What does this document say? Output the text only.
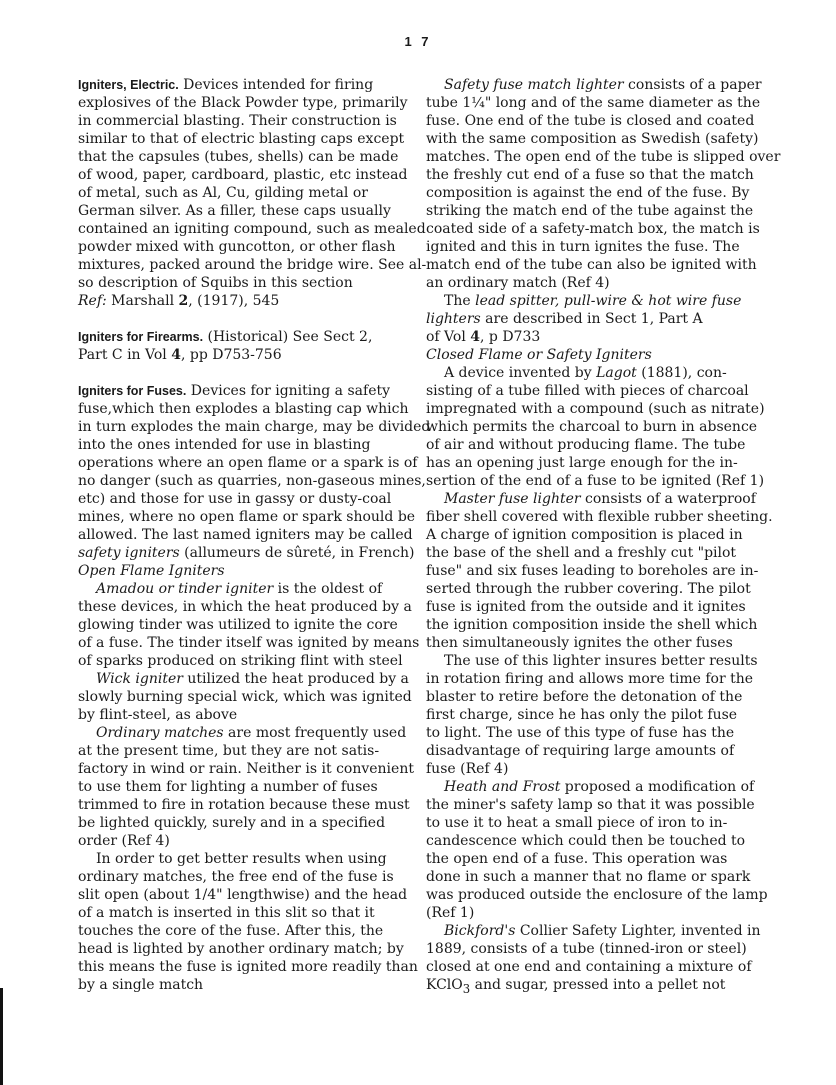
1 7
Igniters, Electric. Devices intended for firing
explosives of the Black Powder type, primarily
in commercial blasting. Their construction is
similar to that of electric blasting caps except
that the capsules (tubes, shells) can be made
of wood, paper, cardboard, plastic, etc instead
of metal, such as Al, Cu, gilding metal or
German silver. As a filler, these caps usually
contained an igniting compound, such as mealed
powder mixed with guncotton, or other flash
mixtures, packed around the bridge wire. See al-
so description of Squibs in this section
Ref: Marshall 2, (1917), 545
Igniters for Firearms. (Historical) See Sect 2,
Part C in Vol 4, pp D753-756
Igniters for Fuses. Devices for igniting a safety
fuse,which then explodes a blasting cap which
in turn explodes the main charge, may be divided
into the ones intended for use in blasting
operations where an open flame or a spark is of
no danger (such as quarries, non-gaseous mines,
etc) and those for use in gassy or dusty-coal
mines, where no open flame or spark should be
allowed. The last named igniters may be called
safety igniters (allumeurs de sûreté, in French)
Open Flame Igniters
Amadou or tinder igniter is the oldest of
these devices, in which the heat produced by a
glowing tinder was utilized to ignite the core
of a fuse. The tinder itself was ignited by means
of sparks produced on striking flint with steel
Wick igniter utilized the heat produced by a
slowly burning special wick, which was ignited
by flint-steel, as above
Ordinary matches are most frequently used
at the present time, but they are not satis-
factory in wind or rain. Neither is it convenient
to use them for lighting a number of fuses
trimmed to fire in rotation because these must
be lighted quickly, surely and in a specified
order (Ref 4)
In order to get better results when using
ordinary matches, the free end of the fuse is
slit open (about 1/4" lengthwise) and the head
of a match is inserted in this slit so that it
touches the core of the fuse. After this, the
head is lighted by another ordinary match; by
this means the fuse is ignited more readily than
by a single match
Safety fuse match lighter consists of a paper
tube 1¼" long and of the same diameter as the
fuse. One end of the tube is closed and coated
with the same composition as Swedish (safety)
matches. The open end of the tube is slipped over
the freshly cut end of a fuse so that the match
composition is against the end of the fuse. By
striking the match end of the tube against the
coated side of a safety-match box, the match is
ignited and this in turn ignites the fuse. The
match end of the tube can also be ignited with
an ordinary match (Ref 4)
The lead spitter, pull-wire & hot wire fuse
lighters are described in Sect 1, Part A
of Vol 4, p D733
Closed Flame or Safety Igniters
A device invented by Lagot (1881), con-
sisting of a tube filled with pieces of charcoal
impregnated with a compound (such as nitrate)
which permits the charcoal to burn in absence
of air and without producing flame. The tube
has an opening just large enough for the in-
sertion of the end of a fuse to be ignited (Ref 1)
Master fuse lighter consists of a waterproof
fiber shell covered with flexible rubber sheeting.
A charge of ignition composition is placed in
the base of the shell and a freshly cut "pilot
fuse" and six fuses leading to boreholes are in-
serted through the rubber covering. The pilot
fuse is ignited from the outside and it ignites
the ignition composition inside the shell which
then simultaneously ignites the other fuses
The use of this lighter insures better results
in rotation firing and allows more time for the
blaster to retire before the detonation of the
first charge, since he has only the pilot fuse
to light. The use of this type of fuse has the
disadvantage of requiring large amounts of
fuse (Ref 4)
Heath and Frost proposed a modification of
the miner's safety lamp so that it was possible
to use it to heat a small piece of iron to in-
candescence which could then be touched to
the open end of a fuse. This operation was
done in such a manner that no flame or spark
was produced outside the enclosure of the lamp
(Ref 1)
Bickford's Collier Safety Lighter, invented in
1889, consists of a tube (tinned-iron or steel)
closed at one end and containing a mixture of
KClO$_3$ and sugar, pressed into a pellet not
